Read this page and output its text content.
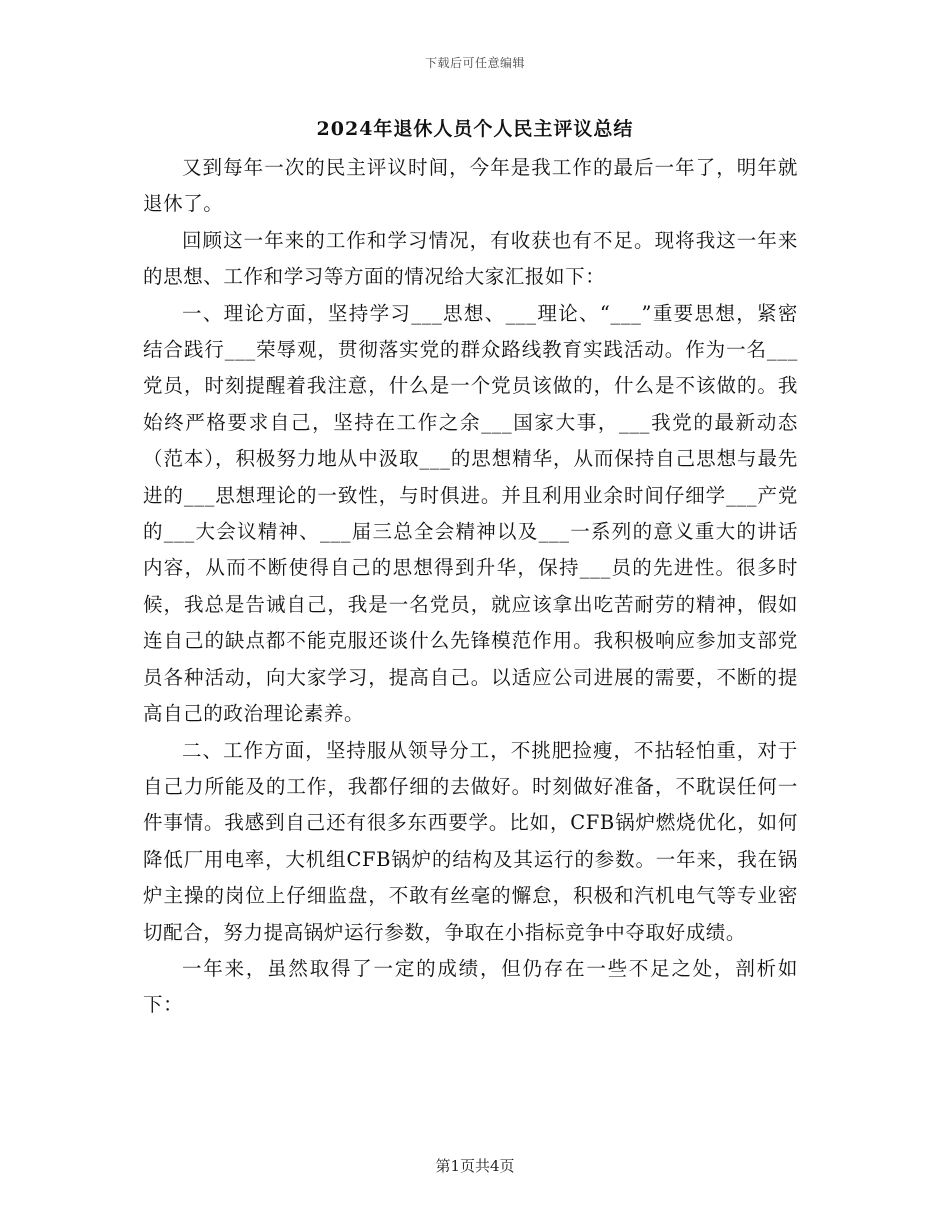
下载后可任意编辑
2024年退休人员个人民主评议总结

又到每年一次的民主评议时间，今年是我工作的最后一年了，明年就退休了。

回顾这一年来的工作和学习情况，有收获也有不足。现将我这一年来的思想、工作和学习等方面的情况给大家汇报如下：

一、理论方面，坚持学习___思想、___理论、“___”重要思想，紧密结合践行___荣辱观，贯彻落实党的群众路线教育实践活动。作为一名___党员，时刻提醒着我注意，什么是一个党员该做的，什么是不该做的。我始终严格要求自己，坚持在工作之余___国家大事，___我党的最新动态（范本），积极努力地从中汲取___的思想精华，从而保持自己思想与最先进的___思想理论的一致性，与时俱进。并且利用业余时间仔细学___产党的___大会议精神、___届三总全会精神以及___一系列的意义重大的讲话内容，从而不断使得自己的思想得到升华，保持___员的先进性。很多时候，我总是告诫自己，我是一名党员，就应该拿出吃苦耐劳的精神，假如连自己的缺点都不能克服还谈什么先锋模范作用。我积极响应参加支部党员各种活动，向大家学习，提高自己。以适应公司进展的需要，不断的提高自己的政治理论素养。

二、工作方面，坚持服从领导分工，不挑肥捡瘦，不拈轻怕重，对于自己力所能及的工作，我都仔细的去做好。时刻做好准备，不耽误任何一件事情。我感到自己还有很多东西要学。比如，CFB锅炉燃烧优化，如何降低厂用电率，大机组CFB锅炉的结构及其运行的参数。一年来，我在锅炉主操的岗位上仔细监盘，不敢有丝毫的懈怠，积极和汽机电气等专业密切配合，努力提高锅炉运行参数，争取在小指标竞争中夺取好成绩。

一年来，虽然取得了一定的成绩，但仍存在一些不足之处，剖析如下：

第1页共4页
